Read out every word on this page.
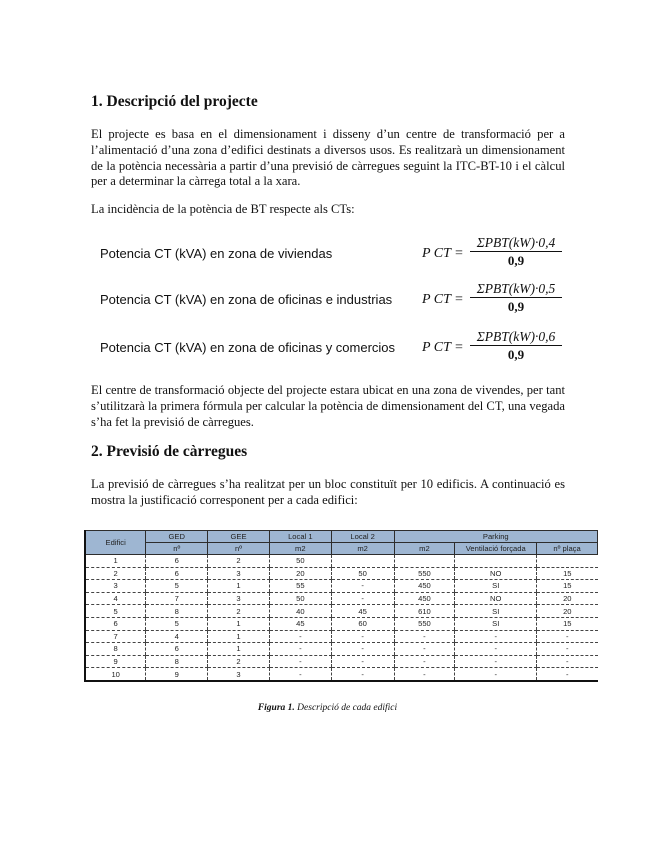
1. Descripció del projecte

El projecte es basa en el dimensionament i disseny d’un centre de transformació per a l’alimentació d’una zona d’edifici destinats a diversos usos. Es realitzarà un dimensionament de la potència necessària a partir d’una previsió de càrregues seguint la ITC-BT-10 i el càlcul per a determinar la càrrega total a la xara.

La incidència de la potència de BT respecte als CTs:

Potencia CT (kVA) en zona de viviendas	P CT =
ΣPBT(kW)·0,4
0,9
Potencia CT (kVA) en zona de oficinas e industrias P CT =
ΣPBT(kW)·0,5
0,9
Potencia CT (kVA) en zona de oficinas y comercios P CT =
ΣPBT(kW)·0,6
0,9

El centre de transformació objecte del projecte estara ubicat en una zona de vivendes, per tant s’utilitzarà la primera fórmula per calcular la potència de dimensionament del CT, una vegada s’ha fet la previsió de càrregues.

2. Previsió de càrregues

La previsió de càrregues s’ha realitzat per un bloc constituït per 10 edificis. A continuació es mostra la justificació corresponent per a cada edifici:

Edifici	GED	GEE	Local 1	Local 2	Parking		
	nº	nº	m2	m2	m2	Ventilació forçada	nº plaça
1	6	2	50				
2	6	3	20	50	550	NO	15
3	5	1	55	-	450	SI	15
4	7	3	50	-	450	NO	20
5	8	2	40	45	610	SI	20
6	5	1	45	60	550	SI	15
7	4	1	-	-	-	-	-
8	6	1	-	-	-	-	-
9	8	2	-	-	-	-	-
10	9	3	-	-	-	-	-
Figura 1. Descripció de cada edifici
